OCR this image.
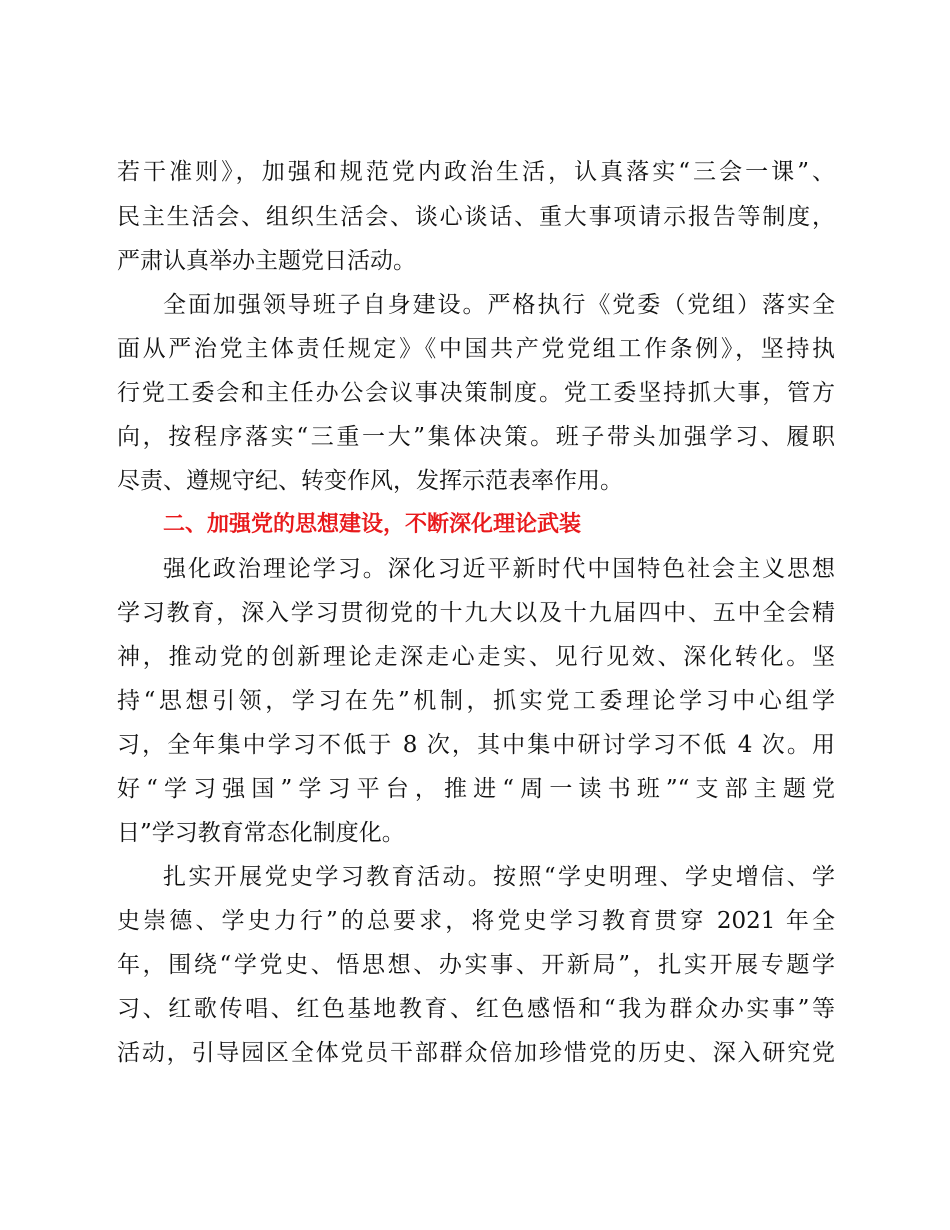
若干准则》，加强和规范党内政治生活，认真落实“三会一课”、
民主生活会、组织生活会、谈心谈话、重大事项请示报告等制度，
严肃认真举办主题党日活动。
全面加强领导班子自身建设。严格执行《党委（党组）落实全
面从严治党主体责任规定》《中国共产党党组工作条例》，坚持执
行党工委会和主任办公会议事决策制度。党工委坚持抓大事，管方
向，按程序落实“三重一大”集体决策。班子带头加强学习、履职
尽责、遵规守纪、转变作风，发挥示范表率作用。
二、加强党的思想建设，不断深化理论武装
强化政治理论学习。深化习近平新时代中国特色社会主义思想
学习教育，深入学习贯彻党的十九大以及十九届四中、五中全会精
神，推动党的创新理论走深走心走实、见行见效、深化转化。坚
持“思想引领，学习在先”机制，抓实党工委理论学习中心组学
习，全年集中学习不低于 8 次，其中集中研讨学习不低 4 次。用
好“学习强国”学习平台，推进“周一读书班”“支部主题党
日”学习教育常态化制度化。
扎实开展党史学习教育活动。按照“学史明理、学史增信、学
史崇德、学史力行”的总要求，将党史学习教育贯穿 2021 年全
年，围绕“学党史、悟思想、办实事、开新局”，扎实开展专题学
习、红歌传唱、红色基地教育、红色感悟和“我为群众办实事”等
活动，引导园区全体党员干部群众倍加珍惜党的历史、深入研究党
